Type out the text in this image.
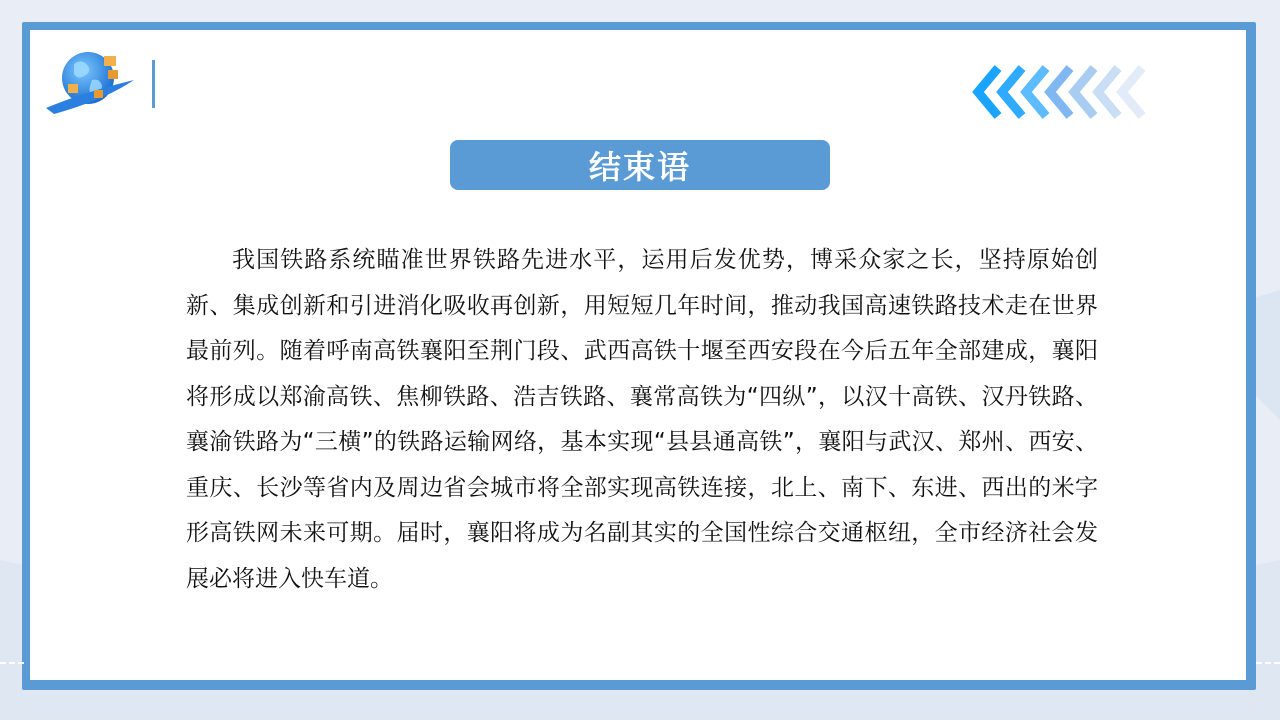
结束语

我国铁路系统瞄准世界铁路先进水平，运用后发优势，博采众家之长，坚持原始创新、集成创新和引进消化吸收再创新，用短短几年时间，推动我国高速铁路技术走在世界最前列。随着呼南高铁襄阳至荆门段、武西高铁十堰至西安段在今后五年全部建成，襄阳将形成以郑渝高铁、焦柳铁路、浩吉铁路、襄常高铁为“四纵”，以汉十高铁、汉丹铁路、襄渝铁路为“三横”的铁路运输网络，基本实现“县县通高铁”，襄阳与武汉、郑州、西安、重庆、长沙等省内及周边省会城市将全部实现高铁连接，北上、南下、东进、西出的米字形高铁网未来可期。届时，襄阳将成为名副其实的全国性综合交通枢纽，全市经济社会发展必将进入快车道。
